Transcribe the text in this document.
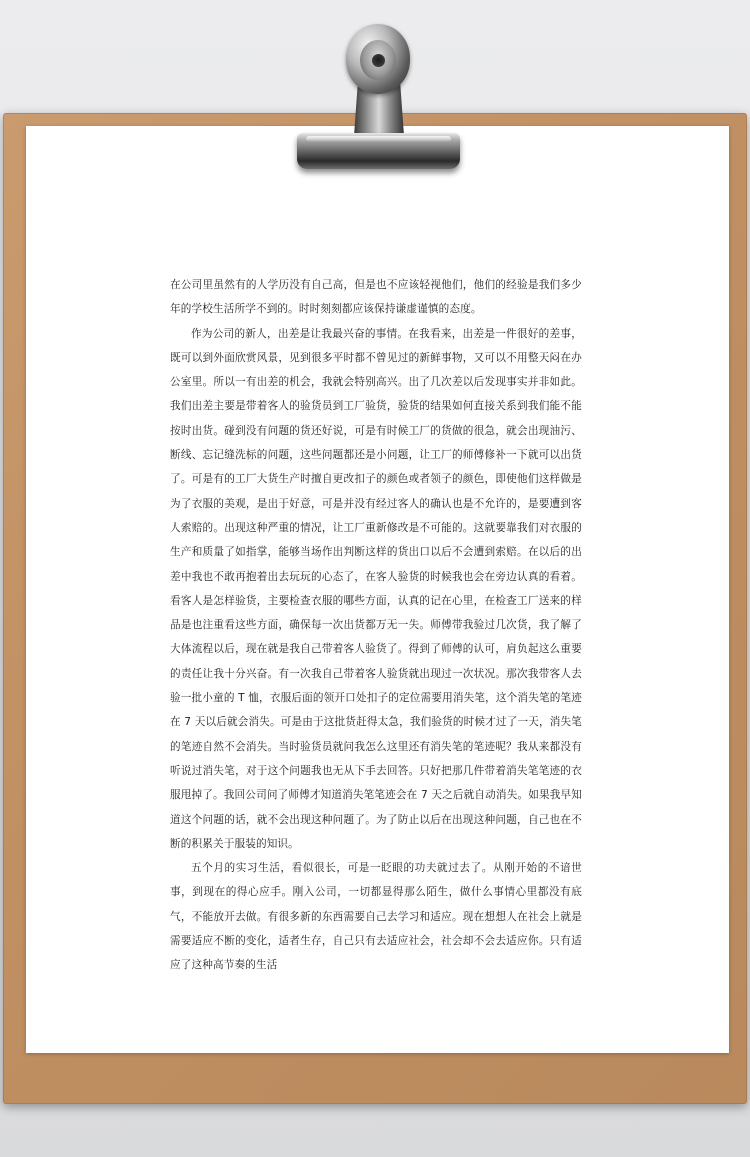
在公司里虽然有的人学历没有自己高，但是也不应该轻视他们，他们的经验是我们多少年的学校生活所学不到的。时时刻刻都应该保持谦虚谨慎的态度。

作为公司的新人，出差是让我最兴奋的事情。在我看来，出差是一件很好的差事，既可以到外面欣赏风景，见到很多平时都不曾见过的新鲜事物，又可以不用整天闷在办公室里。所以一有出差的机会，我就会特别高兴。出了几次差以后发现事实并非如此。我们出差主要是带着客人的验货员到工厂验货，验货的结果如何直接关系到我们能不能按时出货。碰到没有问题的货还好说，可是有时候工厂的货做的很急，就会出现油污、断线、忘记缝洗标的问题，这些问题都还是小问题，让工厂的师傅修补一下就可以出货了。可是有的工厂大货生产时擅自更改扣子的颜色或者领子的颜色，即使他们这样做是为了衣服的美观，是出于好意，可是并没有经过客人的确认也是不允许的，是要遭到客人索赔的。出现这种严重的情况，让工厂重新修改是不可能的。这就要靠我们对衣服的生产和质量了如指掌，能够当场作出判断这样的货出口以后不会遭到索赔。在以后的出差中我也不敢再抱着出去玩玩的心态了，在客人验货的时候我也会在旁边认真的看着。看客人是怎样验货，主要检查衣服的哪些方面，认真的记在心里，在检查工厂送来的样品是也注重看这些方面，确保每一次出货都万无一失。师傅带我验过几次货，我了解了大体流程以后，现在就是我自己带着客人验货了。得到了师傅的认可，肩负起这么重要的责任让我十分兴奋。有一次我自己带着客人验货就出现过一次状况。那次我带客人去验一批小童的 T 恤，衣服后面的领开口处扣子的定位需要用消失笔，这个消失笔的笔迹在 7 天以后就会消失。可是由于这批货赶得太急，我们验货的时候才过了一天，消失笔的笔迹自然不会消失。当时验货员就问我怎么这里还有消失笔的笔迹呢？我从来都没有听说过消失笔，对于这个问题我也无从下手去回答。只好把那几件带着消失笔笔迹的衣服甩掉了。我回公司问了师傅才知道消失笔笔迹会在 7 天之后就自动消失。如果我早知道这个问题的话，就不会出现这种问题了。为了防止以后在出现这种问题，自己也在不断的积累关于服装的知识。

五个月的实习生活，看似很长，可是一眨眼的功夫就过去了。从刚开始的不谙世事，到现在的得心应手。刚入公司，一切都显得那么陌生，做什么事情心里都没有底气，不能放开去做。有很多新的东西需要自己去学习和适应。现在想想人在社会上就是需要适应不断的变化，适者生存，自己只有去适应社会，社会却不会去适应你。只有适应了这种高节奏的生活
